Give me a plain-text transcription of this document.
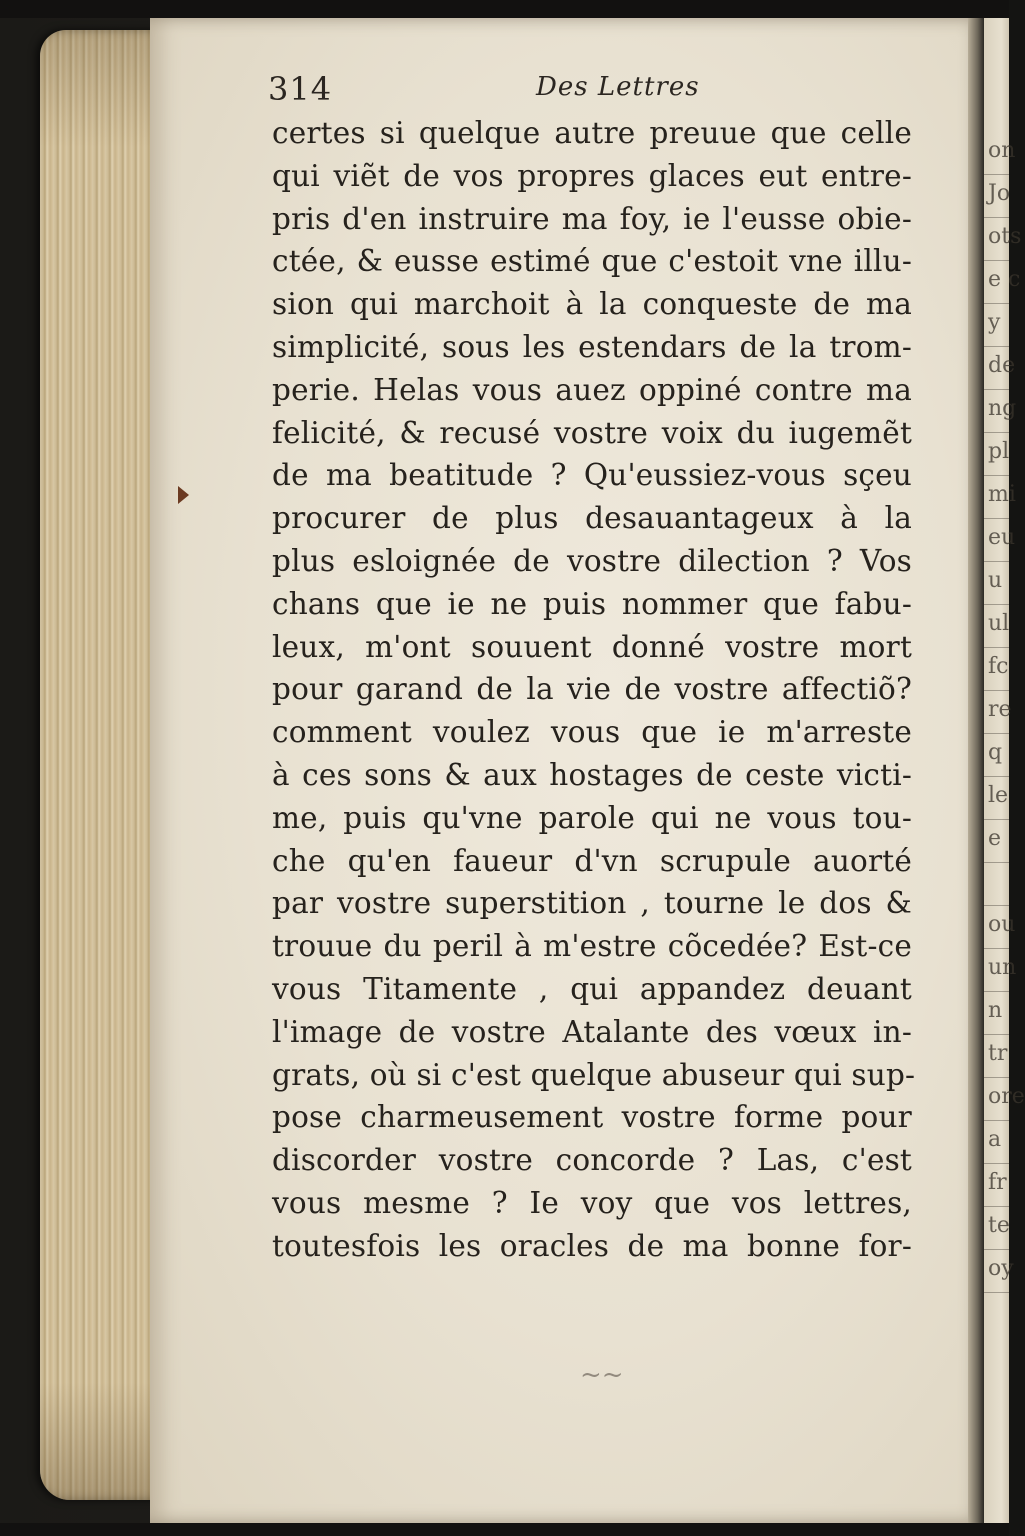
on
Jo
ots
e c
y
de
ng
pl
mi
eu
u
ul
fc
re
q
le
e
ou
un
n
tr
ore
a
fr
te
oy
314	Des Lettres
certes si quelque autre preuue que celle
qui viẽt de vos propres glaces eut entre-
pris d'en instruire ma foy, ie l'eusse obie-
ctée, & eusse estimé que c'estoit vne illu-
sion qui marchoit à la conqueste de ma
simplicité, sous les estendars de la trom-
perie. Helas vous auez oppiné contre ma
felicité, & recusé vostre voix du iugemẽt
de ma beatitude ? Qu'eussiez-vous sçeu
procurer de plus desauantageux à la
plus esloignée de vostre dilection ? Vos
chans que ie ne puis nommer que fabu-
leux, m'ont souuent donné vostre mort
pour garand de la vie de vostre affectiõ?
comment voulez vous que ie m'arreste
à ces sons & aux hostages de ceste victi-
me, puis qu'vne parole qui ne vous tou-
che qu'en faueur d'vn scrupule auorté
par vostre superstition , tourne le dos &
trouue du peril à m'estre cõcedée? Est-ce
vous Titamente , qui appandez deuant
l'image de vostre Atalante des vœux in-
grats, où si c'est quelque abuseur qui sup-
pose charmeusement vostre forme pour
discorder vostre concorde ? Las, c'est
vous mesme ? Ie voy que vos lettres,
toutesfois les oracles de ma bonne for-
~~
